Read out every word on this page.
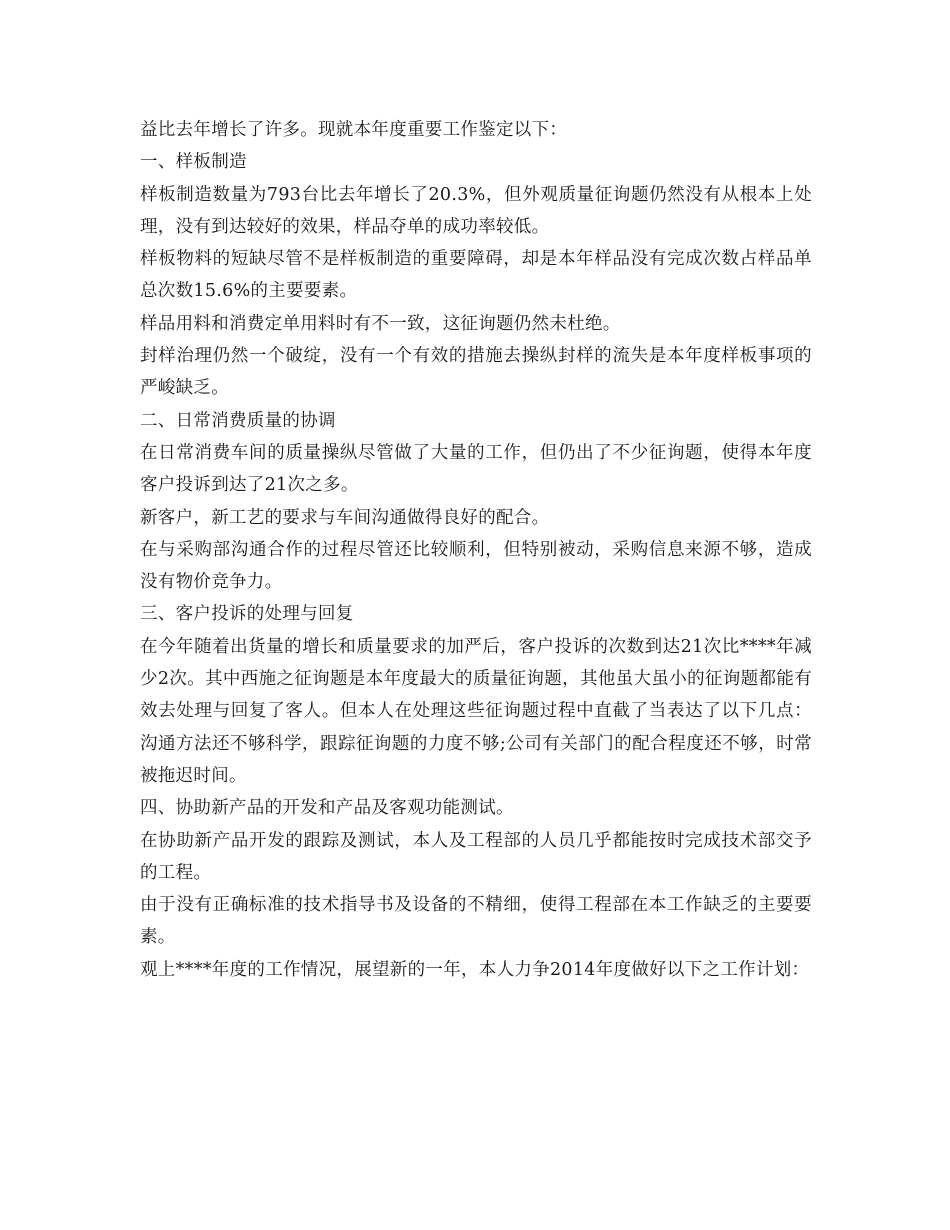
益比去年增长了许多。现就本年度重要工作鉴定以下：

一、样板制造

样板制造数量为793台比去年增长了20.3%，但外观质量征询题仍然没有从根本上处理，没有到达较好的效果，样品夺单的成功率较低。

样板物料的短缺尽管不是样板制造的重要障碍，却是本年样品没有完成次数占样品单总次数15.6%的主要要素。

样品用料和消费定单用料时有不一致，这征询题仍然未杜绝。

封样治理仍然一个破绽，没有一个有效的措施去操纵封样的流失是本年度样板事项的严峻缺乏。

二、日常消费质量的协调

在日常消费车间的质量操纵尽管做了大量的工作，但仍出了不少征询题，使得本年度客户投诉到达了21次之多。

新客户，新工艺的要求与车间沟通做得良好的配合。

在与采购部沟通合作的过程尽管还比较顺利，但特别被动，采购信息来源不够，造成没有物价竞争力。

三、客户投诉的处理与回复

在今年随着出货量的增长和质量要求的加严后，客户投诉的次数到达21次比****年减少2次。其中西施之征询题是本年度最大的质量征询题，其他虽大虽小的征询题都能有效去处理与回复了客人。但本人在处理这些征询题过程中直截了当表达了以下几点：沟通方法还不够科学，跟踪征询题的力度不够;公司有关部门的配合程度还不够，时常被拖迟时间。

四、协助新产品的开发和产品及客观功能测试。

在协助新产品开发的跟踪及测试，本人及工程部的人员几乎都能按时完成技术部交予的工程。

由于没有正确标准的技术指导书及设备的不精细，使得工程部在本工作缺乏的主要要素。

观上****年度的工作情况，展望新的一年，本人力争2014年度做好以下之工作计划：
